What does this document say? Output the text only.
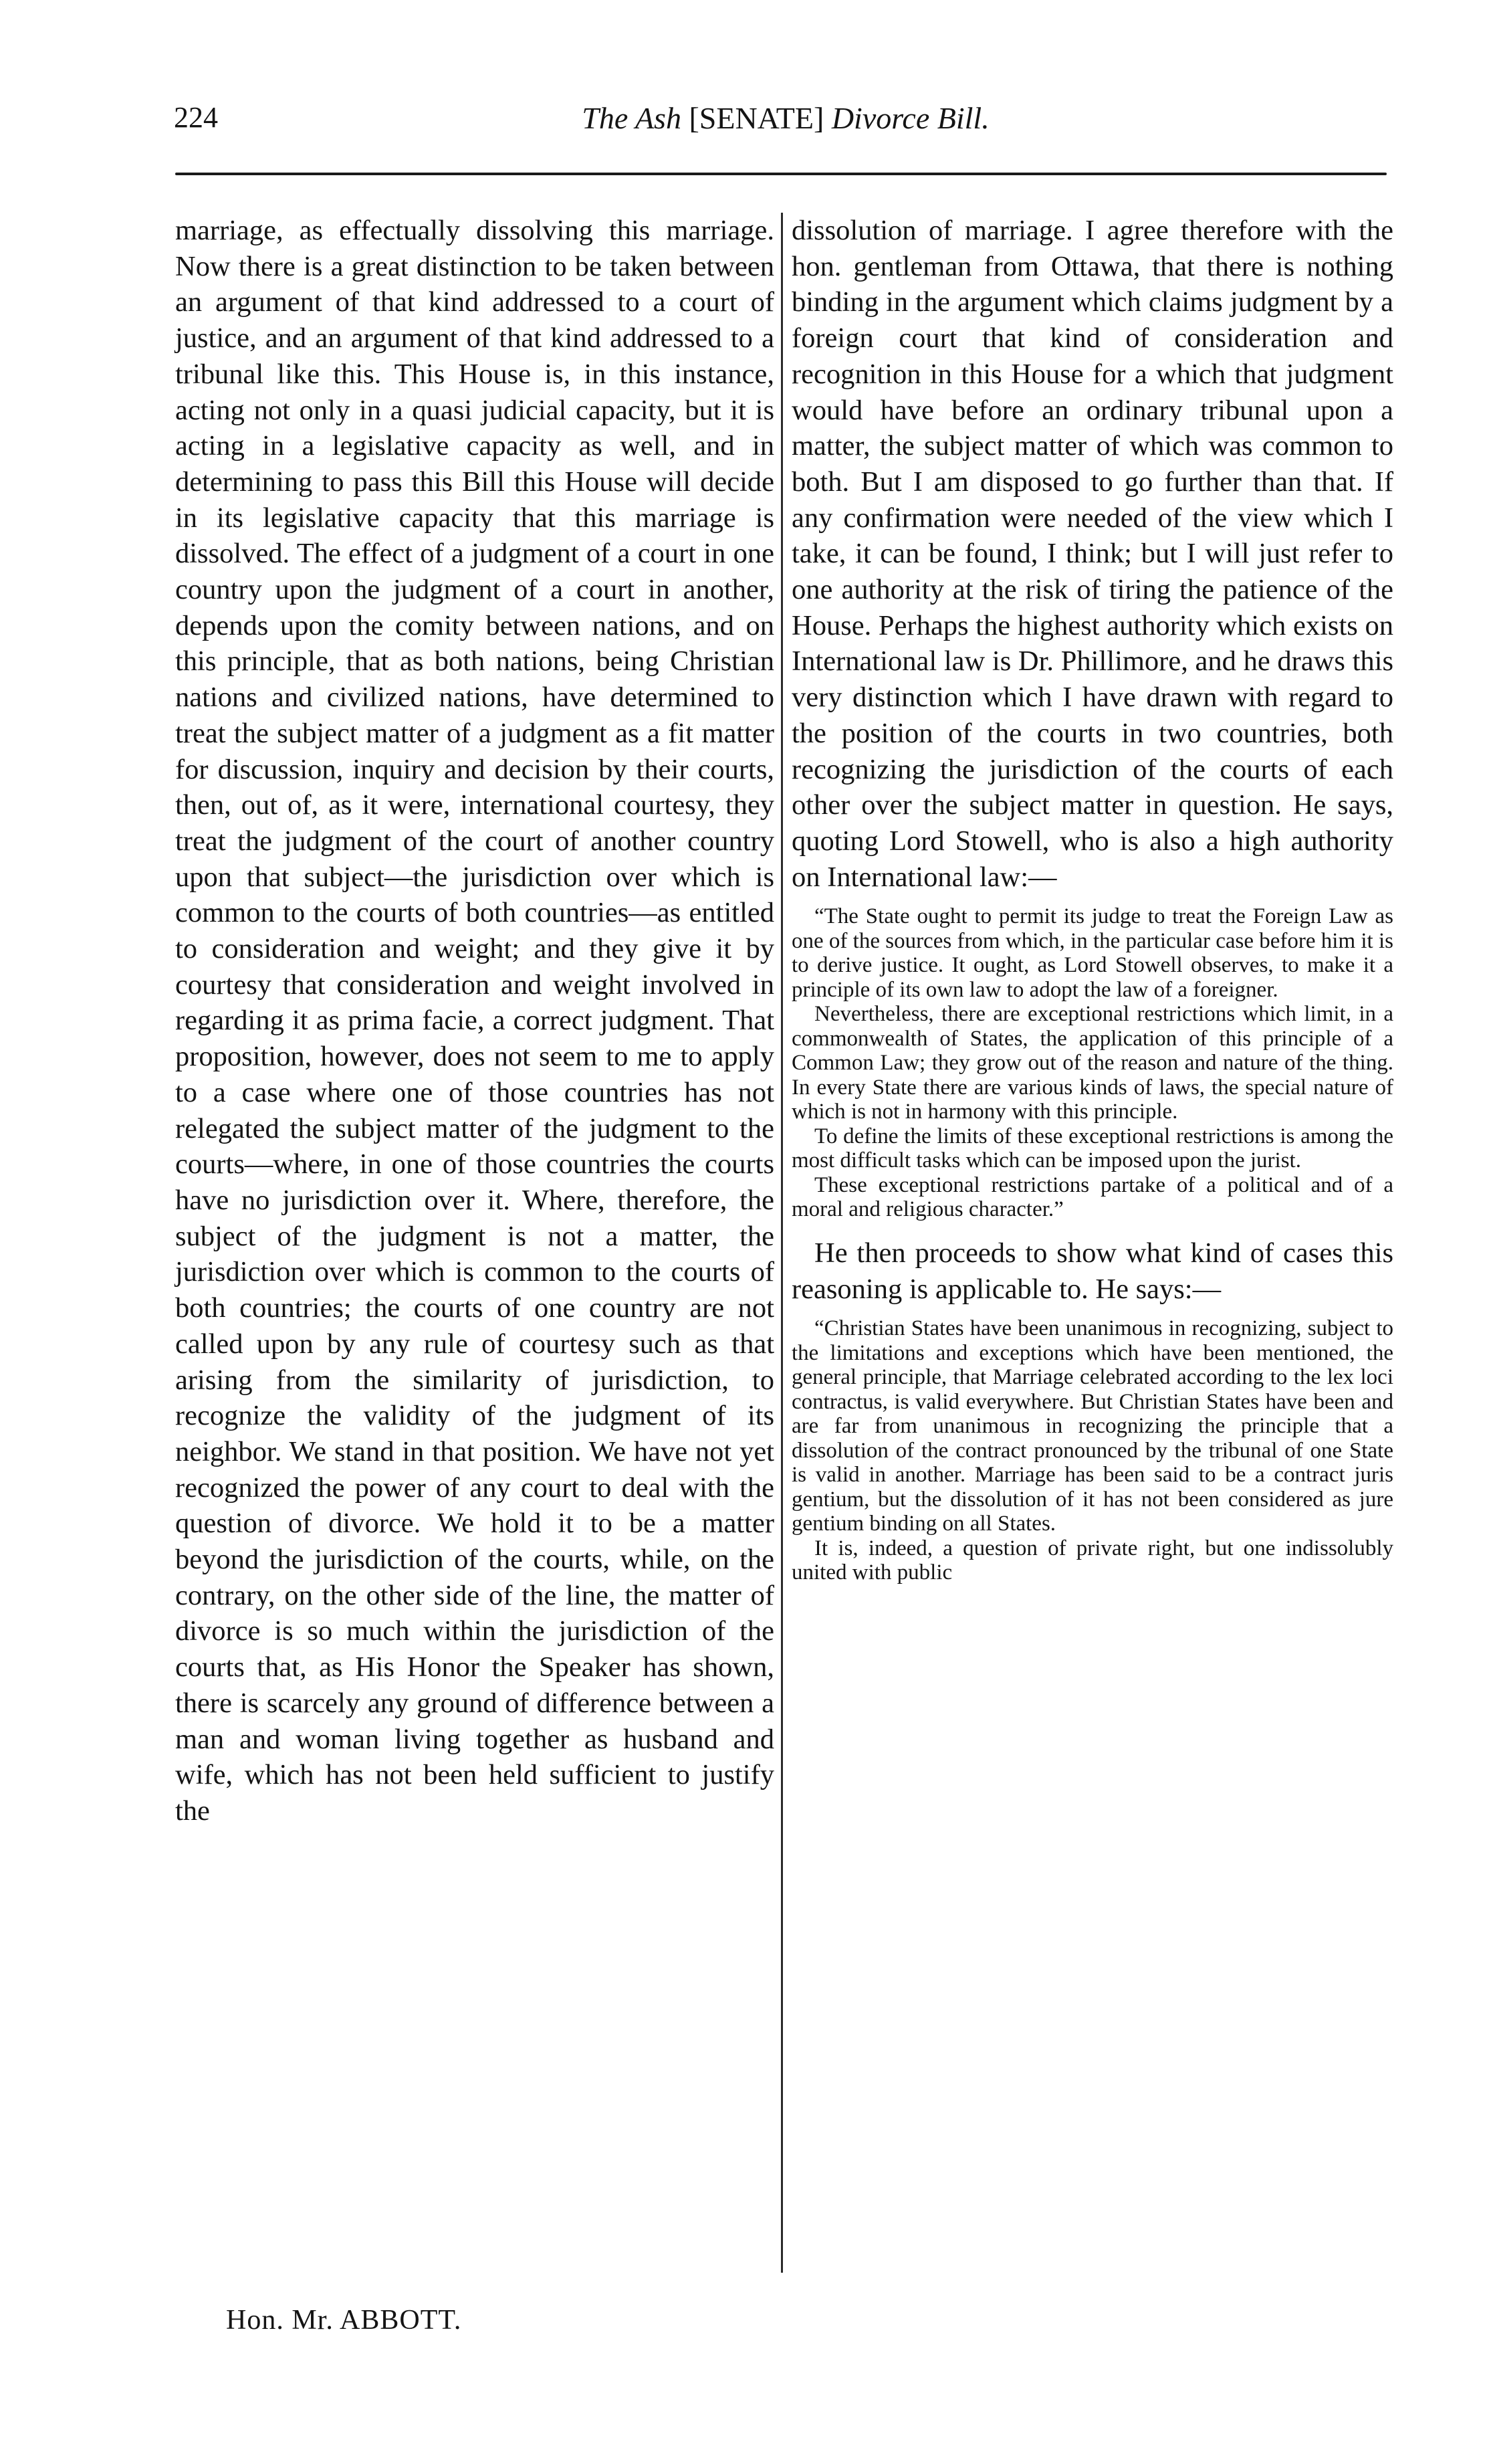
224	The Ash [SENATE] Divorce Bill.

marriage, as effectually dissolving this marriage. Now there is a great distinction to be taken between an argument of that kind addressed to a court of justice, and an argument of that kind addressed to a tribunal like this. This House is, in this instance, acting not only in a quasi judicial capacity, but it is acting in a legislative capacity as well, and in determining to pass this Bill this House will decide in its legislative capacity that this marriage is dissolved. The effect of a judgment of a court in one country upon the judgment of a court in another, depends upon the comity between nations, and on this principle, that as both nations, being Christian nations and civilized nations, have determined to treat the subject matter of a judgment as a fit matter for discussion, inquiry and decision by their courts, then, out of, as it were, international courtesy, they treat the judgment of the court of another country upon that subject—the jurisdiction over which is common to the courts of both countries—as entitled to consideration and weight; and they give it by courtesy that consideration and weight involved in regarding it as prima facie, a correct judgment. That proposition, however, does not seem to me to apply to a case where one of those countries has not relegated the subject matter of the judgment to the courts—where, in one of those countries the courts have no jurisdiction over it. Where, therefore, the subject of the judgment is not a matter, the jurisdiction over which is common to the courts of both countries; the courts of one country are not called upon by any rule of courtesy such as that arising from the similarity of jurisdiction, to recognize the validity of the judgment of its neighbor. We stand in that position. We have not yet recognized the power of any court to deal with the question of divorce. We hold it to be a matter beyond the jurisdiction of the courts, while, on the contrary, on the other side of the line, the matter of divorce is so much within the jurisdiction of the courts that, as His Honor the Speaker has shown, there is scarcely any ground of difference between a man and woman living together as husband and wife, which has not been held sufficient to justify the

dissolution of marriage. I agree therefore with the hon. gentleman from Ottawa, that there is nothing binding in the argument which claims judgment by a foreign court that kind of consideration and recognition in this House for a which that judgment would have before an ordinary tribunal upon a matter, the subject matter of which was common to both. But I am disposed to go further than that. If any confirmation were needed of the view which I take, it can be found, I think; but I will just refer to one authority at the risk of tiring the patience of the House. Perhaps the highest authority which exists on International law is Dr. Phillimore, and he draws this very distinction which I have drawn with regard to the position of the courts in two countries, both recognizing the jurisdiction of the courts of each other over the subject matter in question. He says, quoting Lord Stowell, who is also a high authority on International law:—

“The State ought to permit its judge to treat the Foreign Law as one of the sources from which, in the particular case before him it is to derive justice. It ought, as Lord Stowell observes, to make it a principle of its own law to adopt the law of a foreigner.

Nevertheless, there are exceptional restrictions which limit, in a commonwealth of States, the application of this principle of a Common Law; they grow out of the reason and nature of the thing. In every State there are various kinds of laws, the special nature of which is not in harmony with this principle.

To define the limits of these exceptional restrictions is among the most difficult tasks which can be imposed upon the jurist.

These exceptional restrictions partake of a political and of a moral and religious character.”

He then proceeds to show what kind of cases this reasoning is applicable to. He says:—

“Christian States have been unanimous in recognizing, subject to the limitations and exceptions which have been mentioned, the general principle, that Marriage celebrated according to the lex loci contractus, is valid everywhere. But Christian States have been and are far from unanimous in recognizing the principle that a dissolution of the contract pronounced by the tribunal of one State is valid in another. Marriage has been said to be a contract juris gentium, but the dissolution of it has not been considered as jure gentium binding on all States.

It is, indeed, a question of private right, but one indissolubly united with public

Hon. Mr. ABBOTT.
